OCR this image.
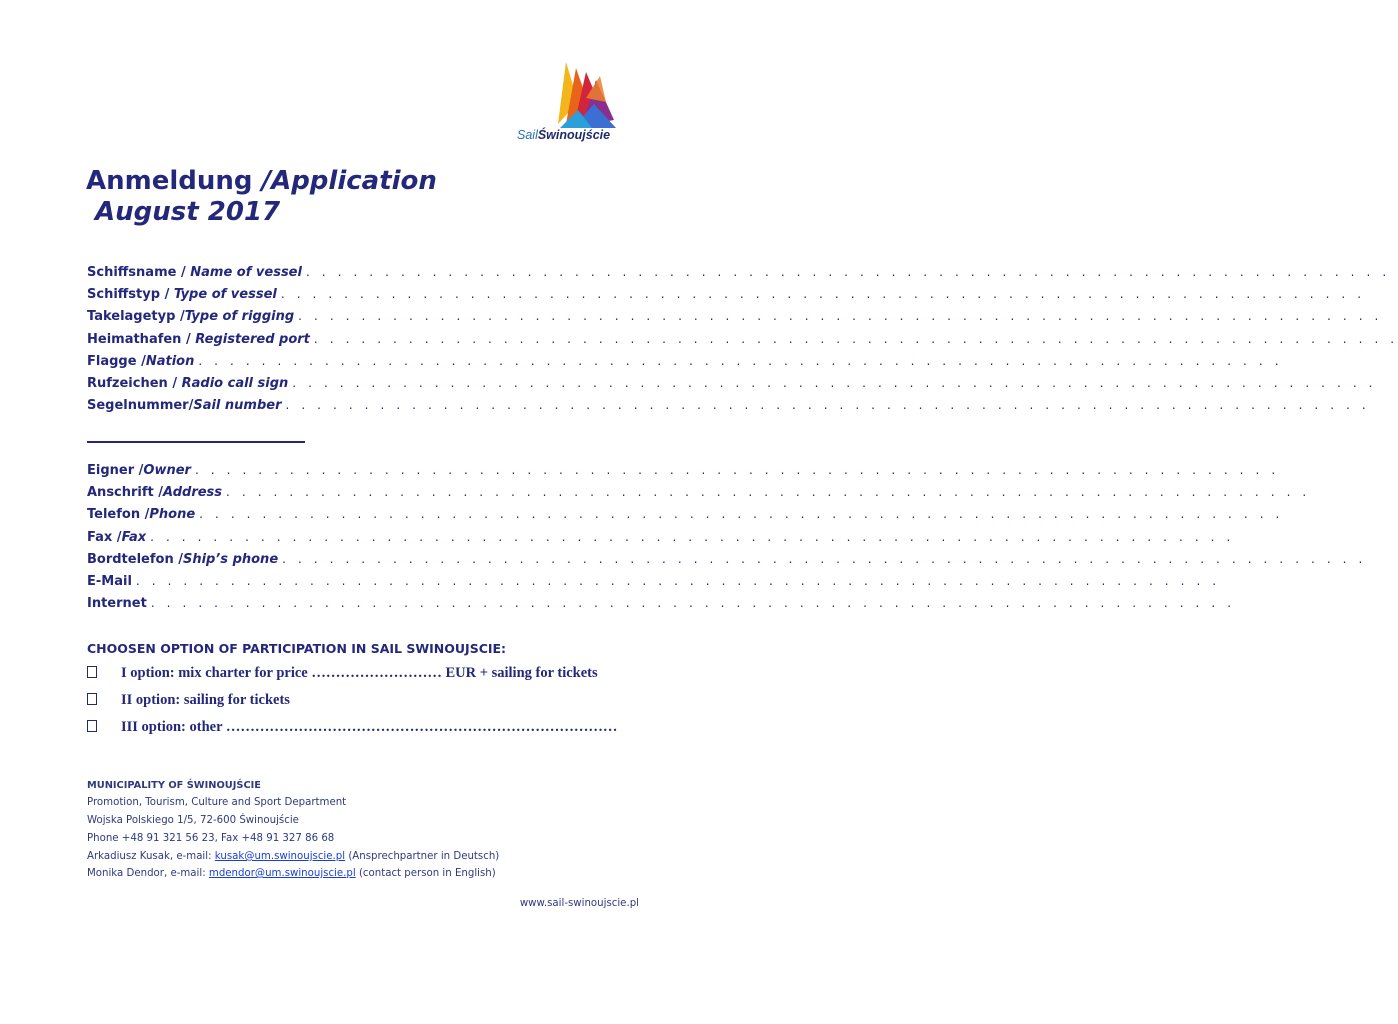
SailŚwinoujście
Anmeldung /Application
August 2017
Schiffsname / Name of vessel . . . . . . . . . . . . . . . . . . . . . . . . . . . . . . . . . . . . . . . . . . . . . . . . . . . . . . . . . . . . . . . . . . . . .
Schiffstyp / Type of vessel . . . . . . . . . . . . . . . . . . . . . . . . . . . . . . . . . . . . . . . . . . . . . . . . . . . . . . . . . . . . . . . . . . . . .
Takelagetyp / Type of rigging . . . . . . . . . . . . . . . . . . . . . . . . . . . . . . . . . . . . . . . . . . . . . . . . . . . . . . . . . . . . . . . . . . . . .
Heimathafen / Registered port . . . . . . . . . . . . . . . . . . . . . . . . . . . . . . . . . . . . . . . . . . . . . . . . . . . . . . . . . . . . . . . . . . . . .
Flagge / Nation . . . . . . . . . . . . . . . . . . . . . . . . . . . . . . . . . . . . . . . . . . . . . . . . . . . . . . . . . . . . . . . . . . . . .
Rufzeichen / Radio call sign . . . . . . . . . . . . . . . . . . . . . . . . . . . . . . . . . . . . . . . . . . . . . . . . . . . . . . . . . . . . . . . . . . . . .
Segelnummer / Sail number . . . . . . . . . . . . . . . . . . . . . . . . . . . . . . . . . . . . . . . . . . . . . . . . . . . . . . . . . . . . . . . . . . . . .
Eigner / Owner . . . . . . . . . . . . . . . . . . . . . . . . . . . . . . . . . . . . . . . . . . . . . . . . . . . . . . . . . . . . . . . . . . . . .
Anschrift / Address . . . . . . . . . . . . . . . . . . . . . . . . . . . . . . . . . . . . . . . . . . . . . . . . . . . . . . . . . . . . . . . . . . . . .
Telefon / Phone . . . . . . . . . . . . . . . . . . . . . . . . . . . . . . . . . . . . . . . . . . . . . . . . . . . . . . . . . . . . . . . . . . . . .
Fax / Fax . . . . . . . . . . . . . . . . . . . . . . . . . . . . . . . . . . . . . . . . . . . . . . . . . . . . . . . . . . . . . . . . . . . . .
Bordtelefon / Ship’s phone . . . . . . . . . . . . . . . . . . . . . . . . . . . . . . . . . . . . . . . . . . . . . . . . . . . . . . . . . . . . . . . . . . . . .
E-Mail . . . . . . . . . . . . . . . . . . . . . . . . . . . . . . . . . . . . . . . . . . . . . . . . . . . . . . . . . . . . . . . . . . . . .
Internet . . . . . . . . . . . . . . . . . . . . . . . . . . . . . . . . . . . . . . . . . . . . . . . . . . . . . . . . . . . . . . . . . . . . .
CHOOSEN OPTION OF PARTICIPATION IN SAIL SWINOUJSCIE:
I option: mix charter for price ……………………… EUR + sailing for tickets
II option: sailing for tickets
III option: other ………………………………………………………………………
MUNICIPALITY OF ŚWINOUJŚCIE
Promotion, Tourism, Culture and Sport Department
Wojska Polskiego 1/5, 72-600 Świnoujście
Phone +48 91 321 56 23, Fax +48 91 327 86 68
Arkadiusz Kusak, e-mail: kusak@um.swinoujscie.pl (Ansprechpartner in Deutsch)
Monika Dendor, e-mail: mdendor@um.swinoujscie.pl (contact person in English)
www.sail-swinoujscie.pl
